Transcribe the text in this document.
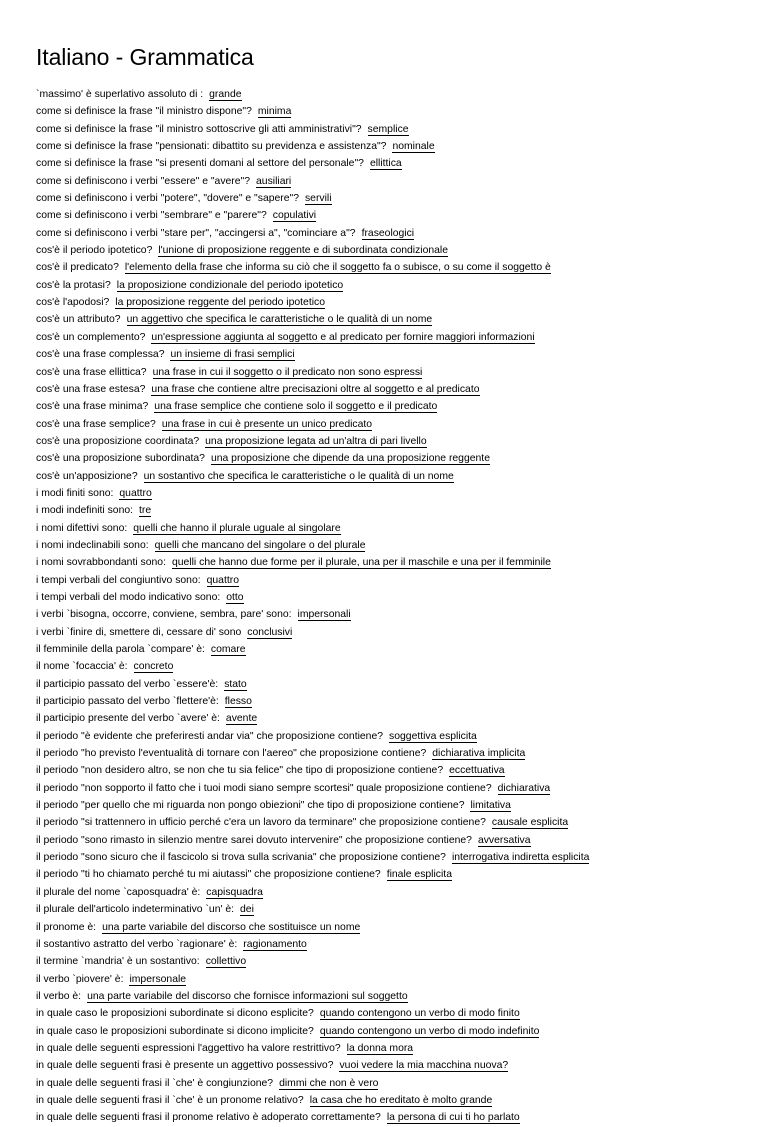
Italiano - Grammatica
`massimo' è superlativo assoluto di : grande
come si definisce la frase "il ministro dispone"? minima
come si definisce la frase "il ministro sottoscrive gli atti amministrativi"? semplice
come si definisce la frase "pensionati: dibattito su previdenza e assistenza"? nominale
come si definisce la frase "si presenti domani al settore del personale"? ellittica
come si definiscono i verbi "essere" e "avere"? ausiliari
come si definiscono i verbi "potere", "dovere" e "sapere"? servili
come si definiscono i verbi "sembrare" e "parere"? copulativi
come si definiscono i verbi "stare per", "accingersi a", "cominciare a"? fraseologici
cos'è il periodo ipotetico? l'unione di proposizione reggente e di subordinata condizionale
cos'è il predicato? l'elemento della frase che informa su ciò che il soggetto fa o subisce, o su come il soggetto è
cos'è la protasi? la proposizione condizionale del periodo ipotetico
cos'è l'apodosi? la proposizione reggente del periodo ipotetico
cos'è un attributo? un aggettivo che specifica le caratteristiche o le qualità di un nome
cos'è un complemento? un'espressione aggiunta al soggetto e al predicato per fornire maggiori informazioni
cos'è una frase complessa? un insieme di frasi semplici
cos'è una frase ellittica? una frase in cui il soggetto o il predicato non sono espressi
cos'è una frase estesa? una frase che contiene altre precisazioni oltre al soggetto e al predicato
cos'è una frase minima? una frase semplice che contiene solo il soggetto e il predicato
cos'è una frase semplice? una frase in cui è presente un unico predicato
cos'è una proposizione coordinata? una proposizione legata ad un'altra di pari livello
cos'è una proposizione subordinata? una proposizione che dipende da una proposizione reggente
cos'è un'apposizione? un sostantivo che specifica le caratteristiche o le qualità di un nome
i modi finiti sono: quattro
i modi indefiniti sono: tre
i nomi difettivi sono: quelli che hanno il plurale uguale al singolare
i nomi indeclinabili sono: quelli che mancano del singolare o del plurale
i nomi sovrabbondanti sono: quelli che hanno due forme per il plurale, una per il maschile e una per il femminile
i tempi verbali del congiuntivo sono: quattro
i tempi verbali del modo indicativo sono: otto
i verbi `bisogna, occorre, conviene, sembra, pare' sono: impersonali
i verbi `finire di, smettere di, cessare di' sono conclusivi
il femminile della parola `compare' è: comare
il nome `focaccia' è: concreto
il participio passato del verbo `essere'è: stato
il participio passato del verbo `flettere'è: flesso
il participio presente del verbo `avere' è: avente
il periodo "è evidente che preferiresti andar via" che proposizione contiene? soggettiva esplicita
il periodo "ho previsto l'eventualità di tornare con l'aereo" che proposizione contiene? dichiarativa implicita
il periodo "non desidero altro, se non che tu sia felice" che tipo di proposizione contiene? eccettuativa
il periodo "non sopporto il fatto che i tuoi modi siano sempre scortesi" quale proposizione contiene? dichiarativa
il periodo "per quello che mi riguarda non pongo obiezioni" che tipo di proposizione contiene? limitativa
il periodo "si trattennero in ufficio perché c'era un lavoro da terminare" che proposizione contiene? causale esplicita
il periodo "sono rimasto in silenzio mentre sarei dovuto intervenire" che proposizione contiene? avversativa
il periodo "sono sicuro che il fascicolo si trova sulla scrivania" che proposizione contiene? interrogativa indiretta esplicita
il periodo "ti ho chiamato perché tu mi aiutassi" che proposizione contiene? finale esplicita
il plurale del nome `caposquadra' è: capisquadra
il plurale dell'articolo indeterminativo `un' è: dei
il pronome è: una parte variabile del discorso che sostituisce un nome
il sostantivo astratto del verbo `ragionare' è: ragionamento
il termine `mandria' è un sostantivo: collettivo
il verbo `piovere' è: impersonale
il verbo è: una parte variabile del discorso che fornisce informazioni sul soggetto
in quale caso le proposizioni subordinate si dicono esplicite? quando contengono un verbo di modo finito
in quale caso le proposizioni subordinate si dicono implicite? quando contengono un verbo di modo indefinito
in quale delle seguenti espressioni l'aggettivo ha valore restrittivo? la donna mora
in quale delle seguenti frasi è presente un aggettivo possessivo? vuoi vedere la mia macchina nuova?
in quale delle seguenti frasi il `che' è congiunzione? dimmi che non è vero
in quale delle seguenti frasi il `che' è un pronome relativo? la casa che ho ereditato è molto grande
in quale delle seguenti frasi il pronome relativo è adoperato correttamente? la persona di cui ti ho parlato
